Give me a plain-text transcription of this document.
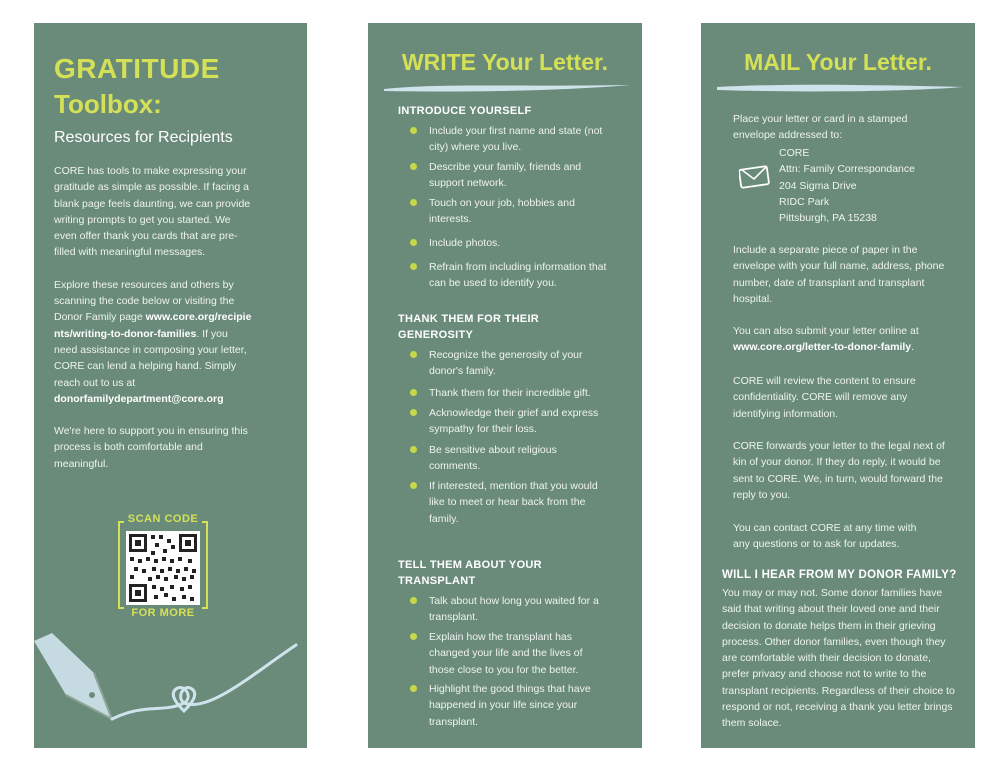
GRATITUDE
Toolbox:
Resources for Recipients

CORE has tools to make expressing your gratitude as simple as possible. If facing a blank page feels daunting, we can provide writing prompts to get you started. We even offer thank you cards that are pre-filled with meaningful messages.

Explore these resources and others by scanning the code below or visiting the Donor Family page www.core.org/recipients/writing-to-donor-families. If you need assistance in composing your letter, CORE can lend a helping hand. Simply reach out to us at donorfamilydepartment@core.org

We're here to support you in ensuring this process is both comfortable and meaningful.

SCAN CODE
FOR MORE
WRITE Your Letter.
INTRODUCE YOURSELF
Include your first name and state (not city) where you live.
Describe your family, friends and support network.
Touch on your job, hobbies and interests.
Include photos.
Refrain from including information that can be used to identify you.
THANK THEM FOR THEIR GENEROSITY
Recognize the generosity of your donor's family.
Thank them for their incredible gift.
Acknowledge their grief and express sympathy for their loss.
Be sensitive about religious comments.
If interested, mention that you would like to meet or hear back from the family.
TELL THEM ABOUT YOUR TRANSPLANT
Talk about how long you waited for a transplant.
Explain how the transplant has changed your life and the lives of those close to you for the better.
Highlight the good things that have happened in your life since your transplant.
MAIL Your Letter.
Place your letter or card in a stamped envelope addressed to:
CORE
Attn: Family Correspondance
204 Sigma Drive
RIDC Park
Pittsburgh, PA 15238
Include a separate piece of paper in the envelope with your full name, address, phone number, date of transplant and transplant hospital.
You can also submit your letter online at www.core.org/letter-to-donor-family.
CORE will review the content to ensure confidentiality. CORE will remove any identifying information.
CORE forwards your letter to the legal next of kin of your donor. If they do reply, it would be sent to CORE. We, in turn, would forward the reply to you.
You can contact CORE at any time with any questions or to ask for updates.
WILL I HEAR FROM MY DONOR FAMILY?
You may or may not. Some donor families have said that writing about their loved one and their decision to donate helps them in their grieving process. Other donor families, even though they are comfortable with their decision to donate, prefer privacy and choose not to write to the transplant recipients. Regardless of their choice to respond or not, receiving a thank you letter brings them solace.
